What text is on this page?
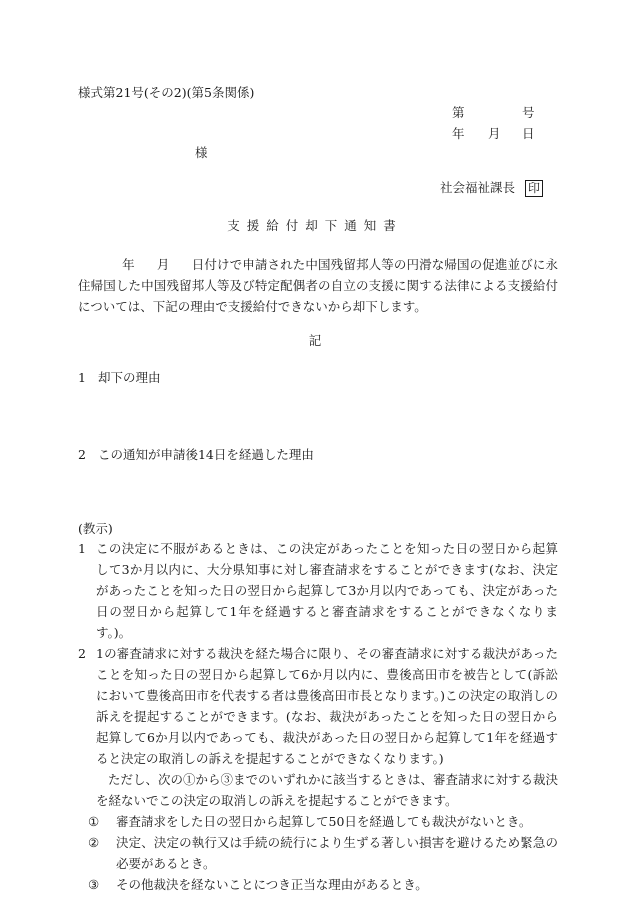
様式第21号(その2)(第5条関係)
第	号
年 月 日
様
社会福祉課長 印
支援給付却下通知書
年 月 日付けで申請された中国残留邦人等の円滑な帰国の促進並びに永住帰国した中国残留邦人等及び特定配偶者の自立の支援に関する法律による支援給付については、下記の理由で支援給付できないから却下します。
記
1 却下の理由
2 この通知が申請後14日を経過した理由
(教示)
1 この決定に不服があるときは、この決定があったことを知った日の翌日から起算して3か月以内に、大分県知事に対し審査請求をすることができます(なお、決定があったことを知った日の翌日から起算して3か月以内であっても、決定があった日の翌日から起算して1年を経過すると審査請求をすることができなくなります。)。
2 1の審査請求に対する裁決を経た場合に限り、その審査請求に対する裁決があったことを知った日の翌日から起算して6か月以内に、豊後高田市を被告として(訴訟において豊後高田市を代表する者は豊後高田市長となります。)この決定の取消しの訴えを提起することができます。(なお、裁決があったことを知った日の翌日から起算して6か月以内であっても、裁決があった日の翌日から起算して1年を経過すると決定の取消しの訴えを提起することができなくなります。)
ただし、次の①から③までのいずれかに該当するときは、審査請求に対する裁決を経ないでこの決定の取消しの訴えを提起することができます。
①	審査請求をした日の翌日から起算して50日を経過しても裁決がないとき。
②	決定、決定の執行又は手続の続行により生ずる著しい損害を避けるため緊急の必要があるとき。
③	その他裁決を経ないことにつき正当な理由があるとき。
